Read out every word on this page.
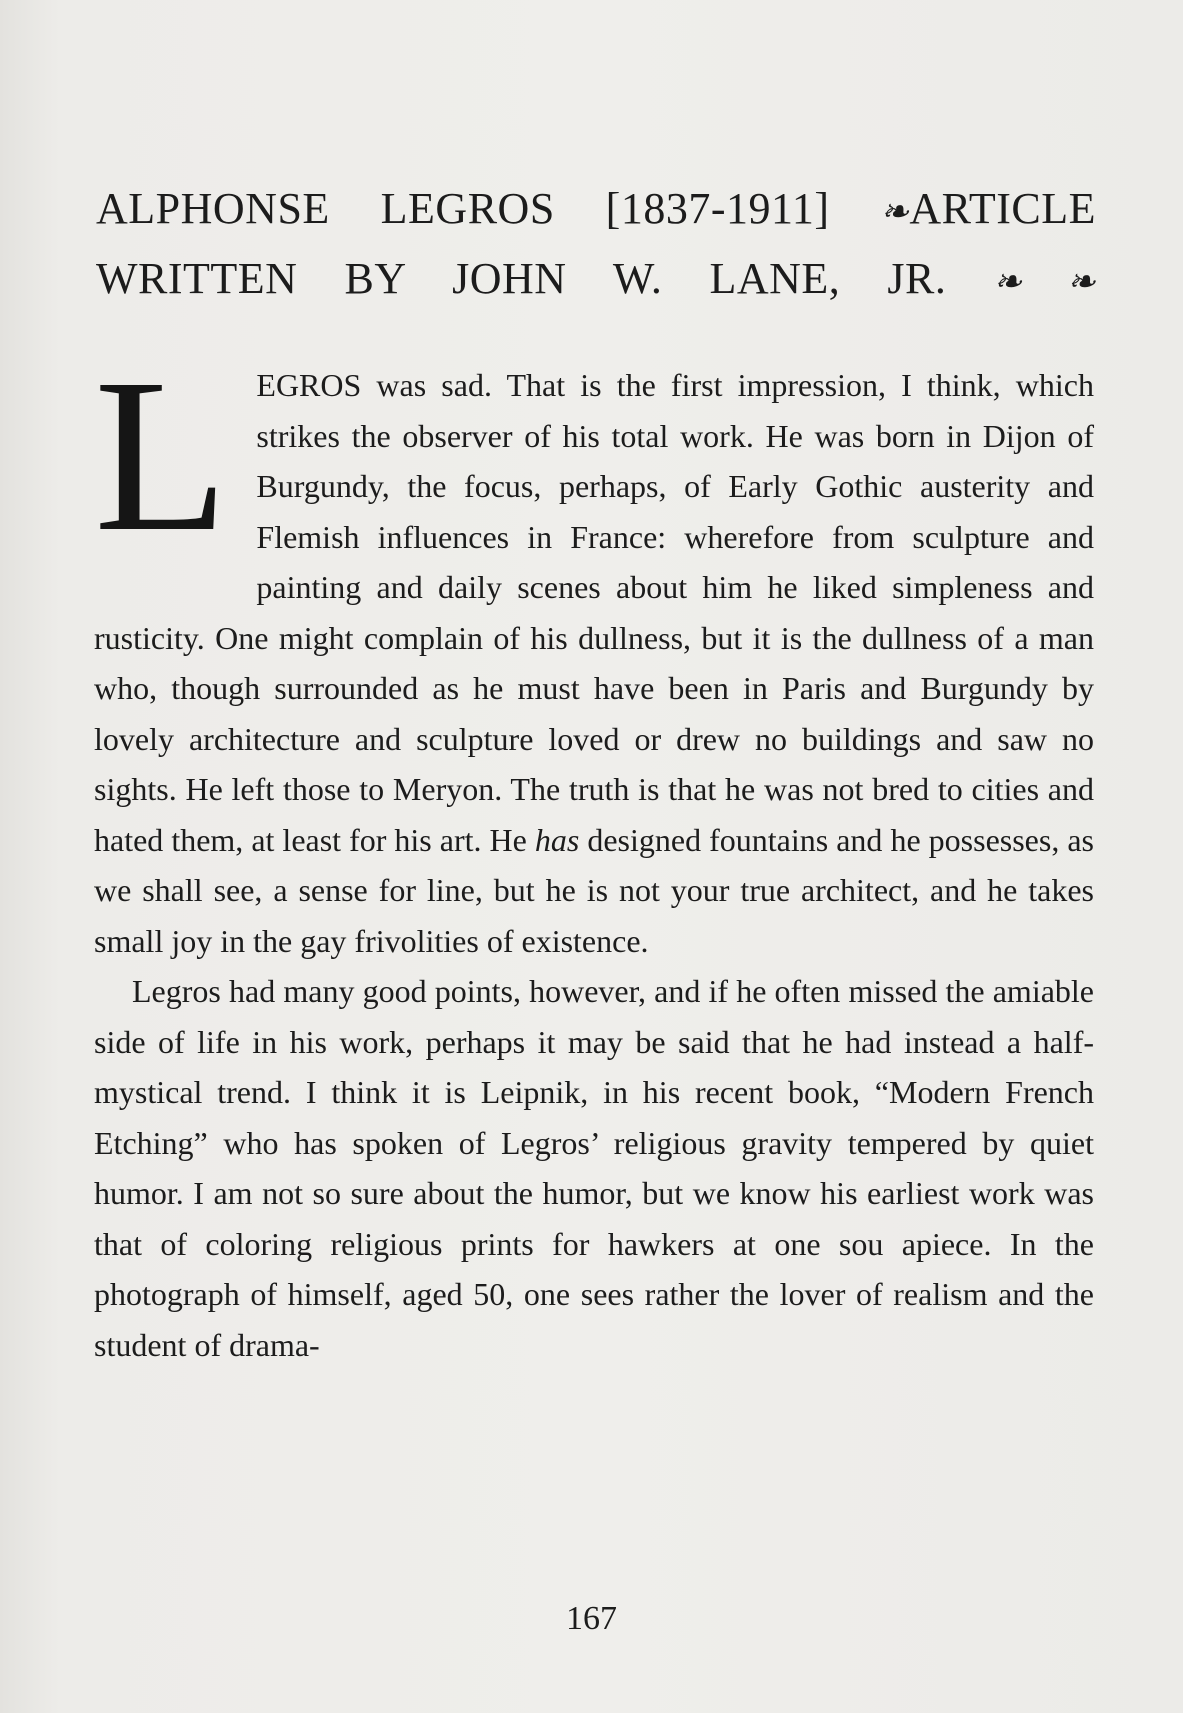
ALPHONSE LEGROS [1837-1911] ❧ARTICLE
WRITTEN BY JOHN W. LANE, JR. ❧ ❧

LEGROS was sad. That is the first impression, I think, which strikes the observer of his total work. He was born in Dijon of Burgundy, the focus, perhaps, of Early Gothic austerity and Flemish influences in France: wherefore from sculpture and painting and daily scenes about him he liked simpleness and rusticity. One might complain of his dullness, but it is the dullness of a man who, though surrounded as he must have been in Paris and Burgundy by lovely architecture and sculpture loved or drew no buildings and saw no sights. He left those to Meryon. The truth is that he was not bred to cities and hated them, at least for his art. He has designed fountains and he possesses, as we shall see, a sense for line, but he is not your true architect, and he takes small joy in the gay frivolities of existence.

Legros had many good points, however, and if he often missed the amiable side of life in his work, perhaps it may be said that he had instead a half-mystical trend. I think it is Leipnik, in his recent book, “Modern French Etching” who has spoken of Legros’ religious gravity tempered by quiet humor. I am not so sure about the humor, but we know his earliest work was that of coloring religious prints for hawkers at one sou apiece. In the photograph of himself, aged 50, one sees rather the lover of realism and the student of drama-

167
